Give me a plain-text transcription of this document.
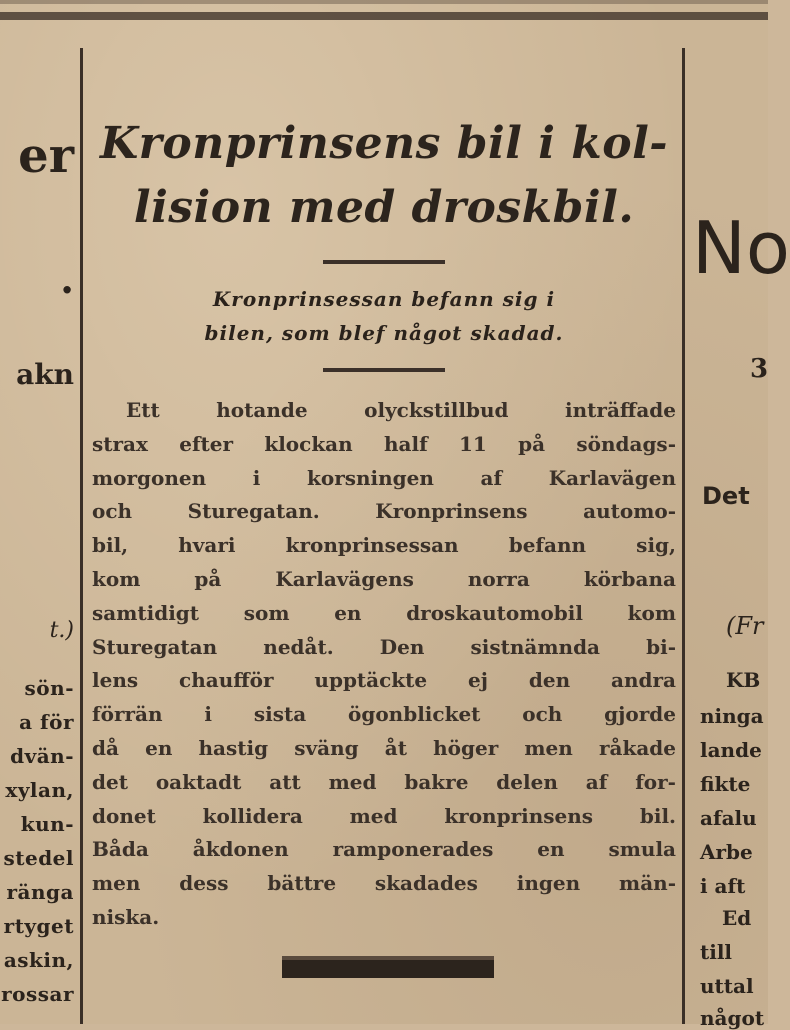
er
.
akn
t.)
sön-
a för
dvän-
xylan,
kun-
stedel
ränga
rtyget
askin,
rossar
Kronprinsens bil i kol-
lision med droskbil.
Kronprinsessan befann sig i
bilen, som blef något skadad.
Ett hotande olyckstillbud inträffade
strax efter klockan half 11 på söndags-
morgonen i korsningen af Karlavägen
och Sturegatan. Kronprinsens automo-
bil, hvari kronprinsessan befann sig,
kom på Karlavägens norra körbana
samtidigt som en droskautomobil kom
Sturegatan nedåt. Den sistnämnda bi-
lens chaufför upptäckte ej den andra
förrän i sista ögonblicket och gjorde
då en hastig sväng åt höger men råkade
det oaktadt att med bakre delen af for-
donet kollidera med kronprinsens bil.
Båda åkdonen ramponerades en smula
men dess bättre skadades ingen män-
niska.
No
3
Det
(Fr
KB
ninga
lande
fikte
afalu
Arbe
i aft
Ed
till
uttal
något
